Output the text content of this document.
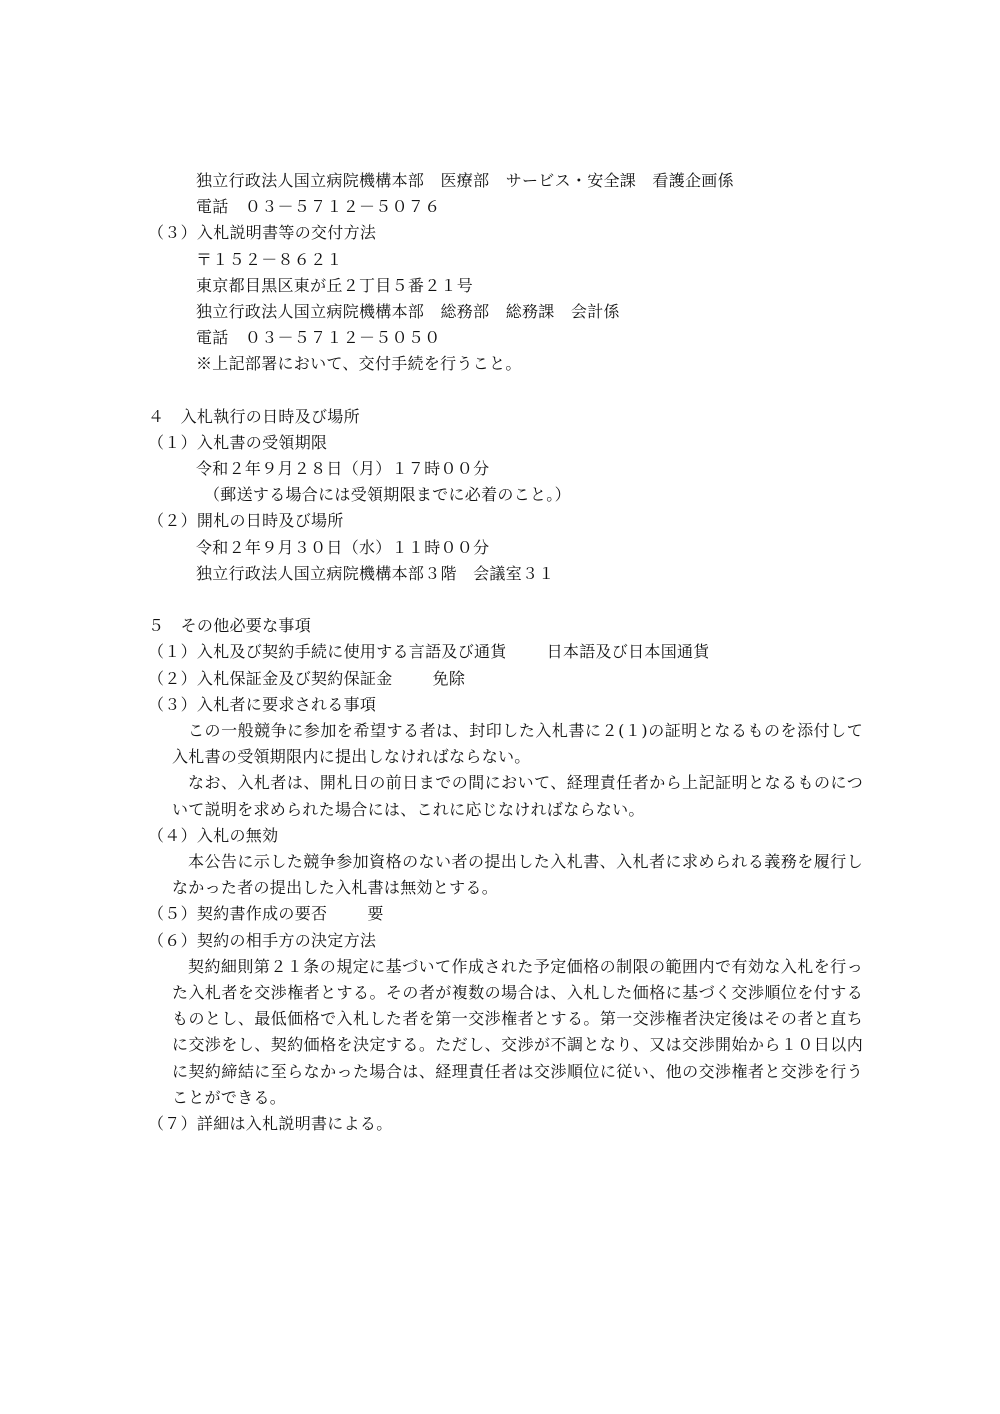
独立行政法人国立病院機構本部　医療部　サービス・安全課　看護企画係
電話　０３－５７１２－５０７６
（３）入札説明書等の交付方法
〒１５２－８６２１
東京都目黒区東が丘２丁目５番２１号
独立行政法人国立病院機構本部　総務部　総務課　会計係
電話　０３－５７１２－５０５０
※上記部署において、交付手続を行うこと。
４　入札執行の日時及び場所
（１）入札書の受領期限
令和２年９月２８日（月）１７時００分
（郵送する場合には受領期限までに必着のこと。）
（２）開札の日時及び場所
令和２年９月３０日（水）１１時００分
独立行政法人国立病院機構本部３階　会議室３１
５　その他必要な事項
（１）入札及び契約手続に使用する言語及び通貨	日本語及び日本国通貨
（２）入札保証金及び契約保証金	免除
（３）入札者に要求される事項
この一般競争に参加を希望する者は、封印した入札書に２(１)の証明となるものを添付して入札書の受領期限内に提出しなければならない。
なお、入札者は、開札日の前日までの間において、経理責任者から上記証明となるものについて説明を求められた場合には、これに応じなければならない。
（４）入札の無効
本公告に示した競争参加資格のない者の提出した入札書、入札者に求められる義務を履行しなかった者の提出した入札書は無効とする。
（５）契約書作成の要否	要
（６）契約の相手方の決定方法
契約細則第２１条の規定に基づいて作成された予定価格の制限の範囲内で有効な入札を行った入札者を交渉権者とする。その者が複数の場合は、入札した価格に基づく交渉順位を付するものとし、最低価格で入札した者を第一交渉権者とする。第一交渉権者決定後はその者と直ちに交渉をし、契約価格を決定する。ただし、交渉が不調となり、又は交渉開始から１０日以内に契約締結に至らなかった場合は、経理責任者は交渉順位に従い、他の交渉権者と交渉を行うことができる。
（７）詳細は入札説明書による。
